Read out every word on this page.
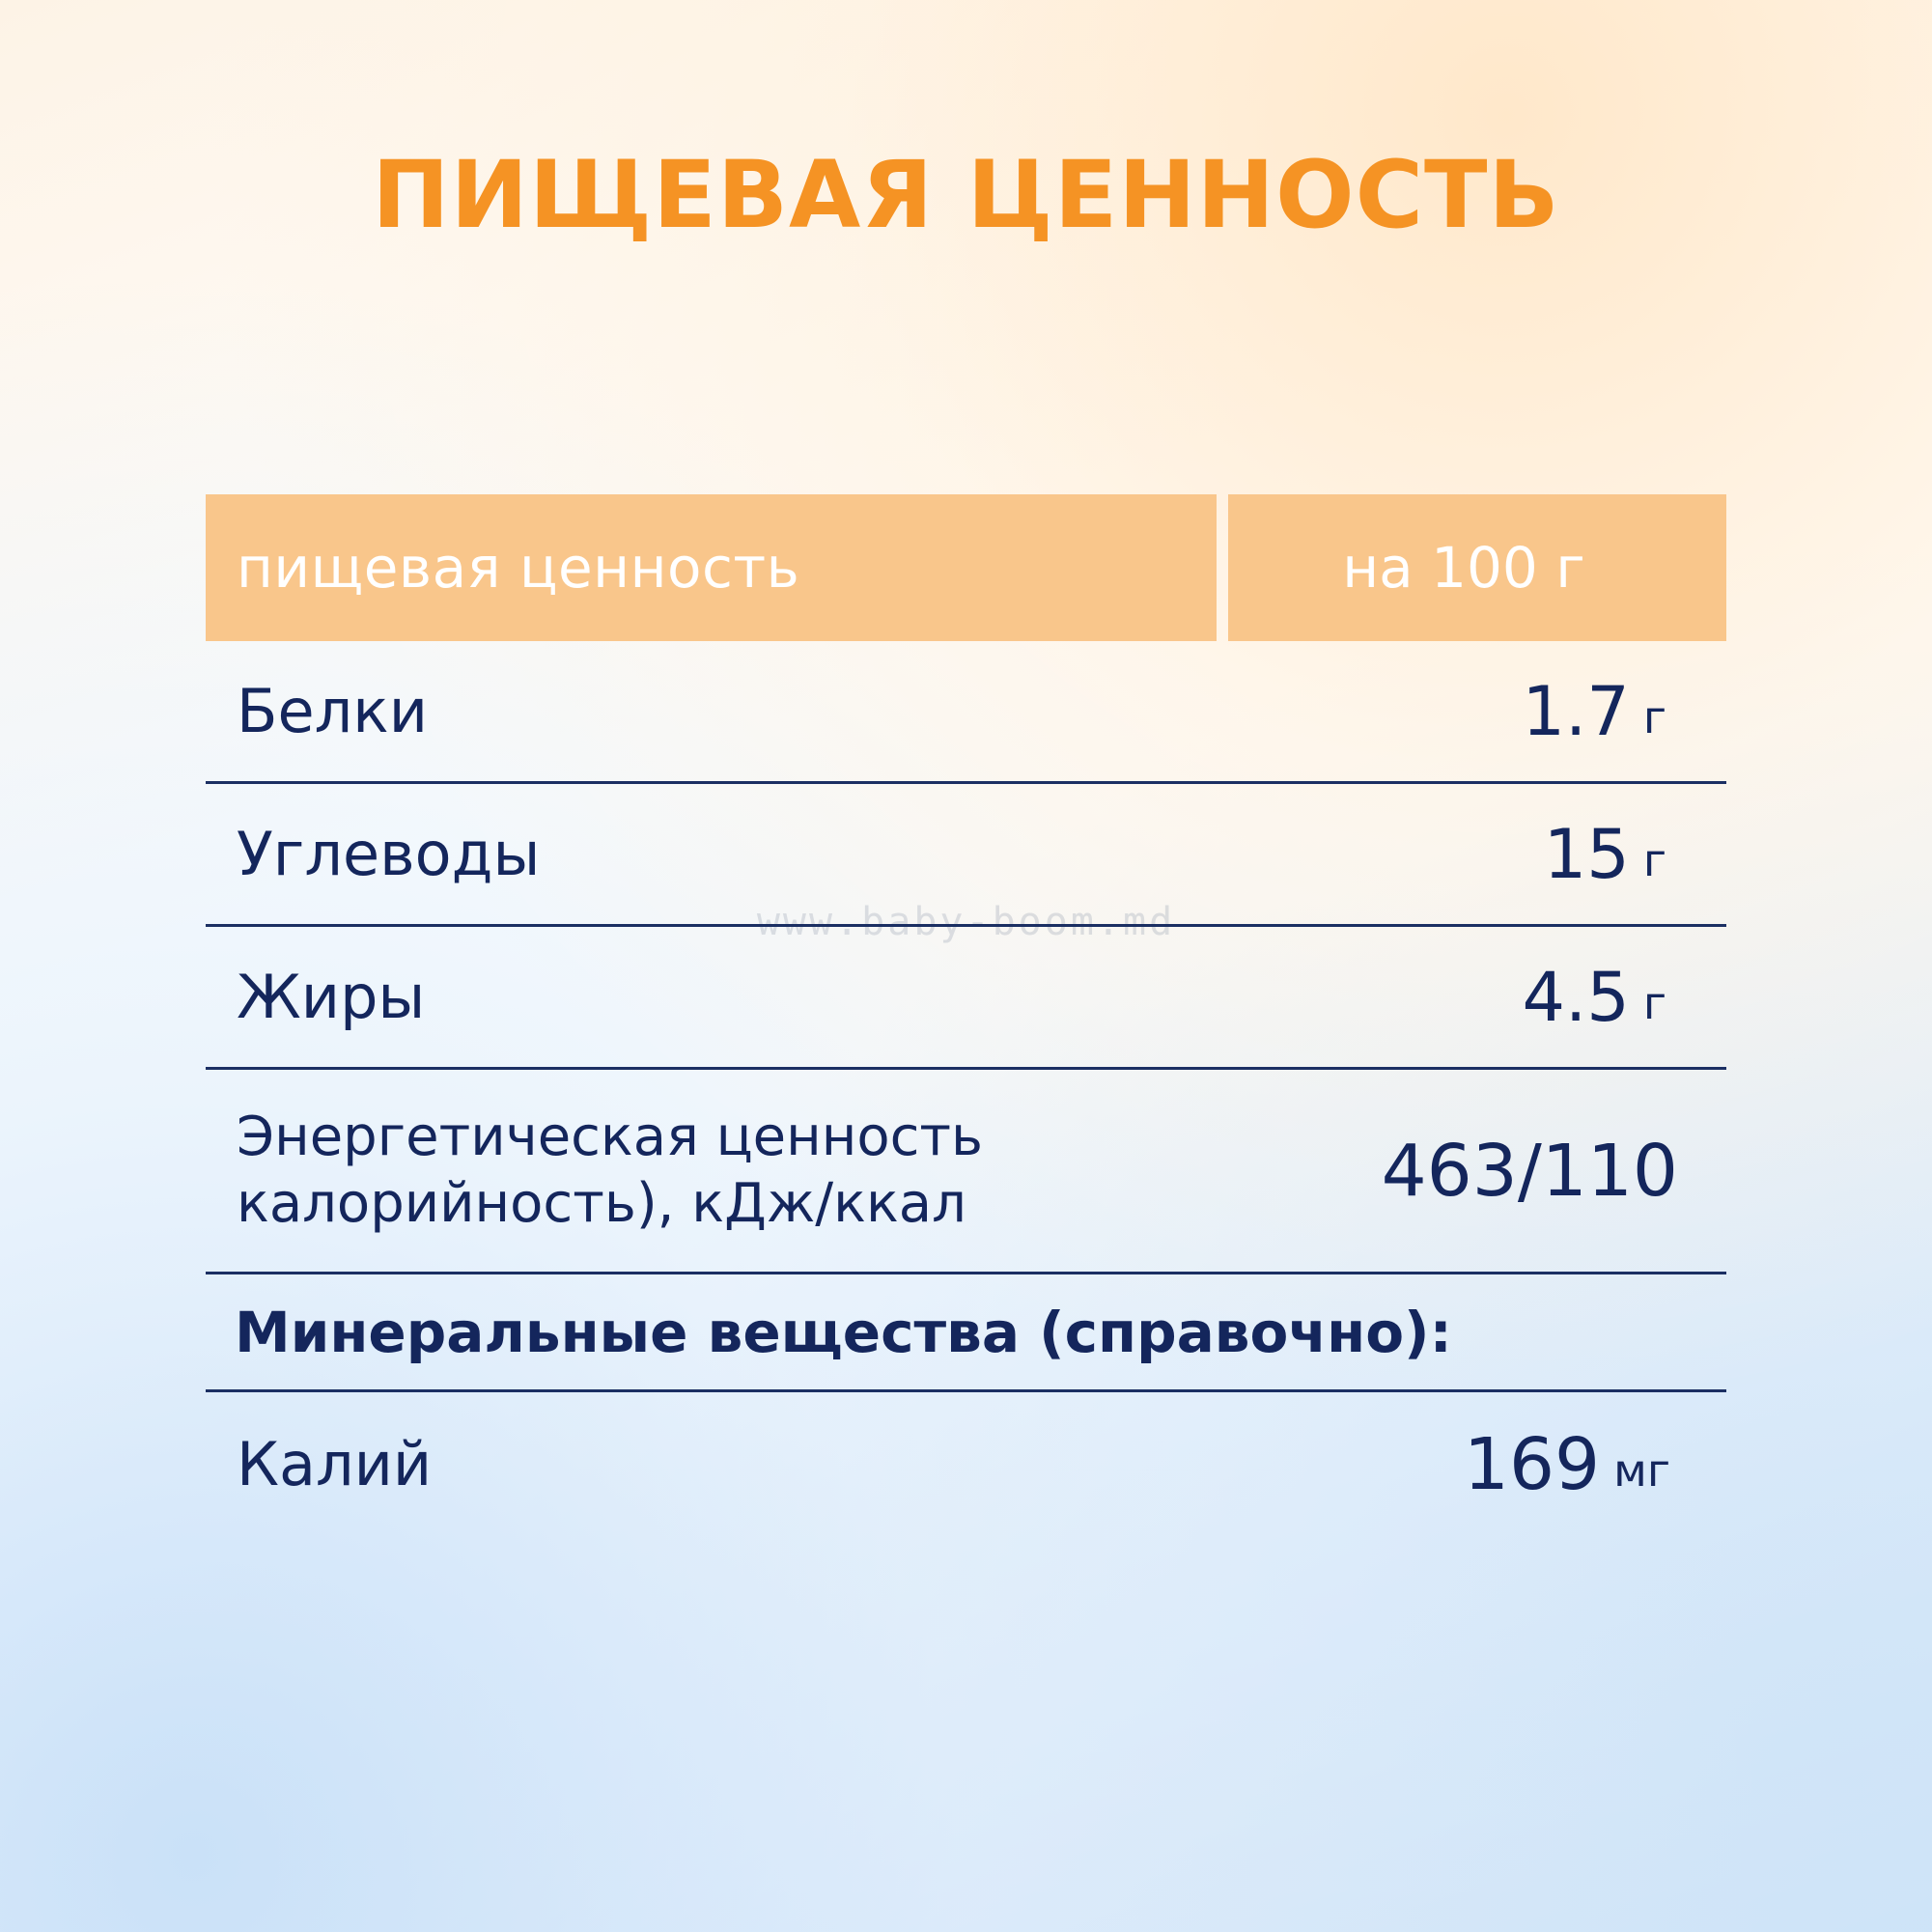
ПИЩЕВАЯ ЦЕННОСТЬ
www.baby-boom.md
пищевая ценность	на 100 г
Белки	1.7 г
Углеводы	15 г
Жиры	4.5 г
Энергетическая ценность
калорийность), кДж/ккал	463/110
Минеральные вещества (справочно):
Калий	169 мг
